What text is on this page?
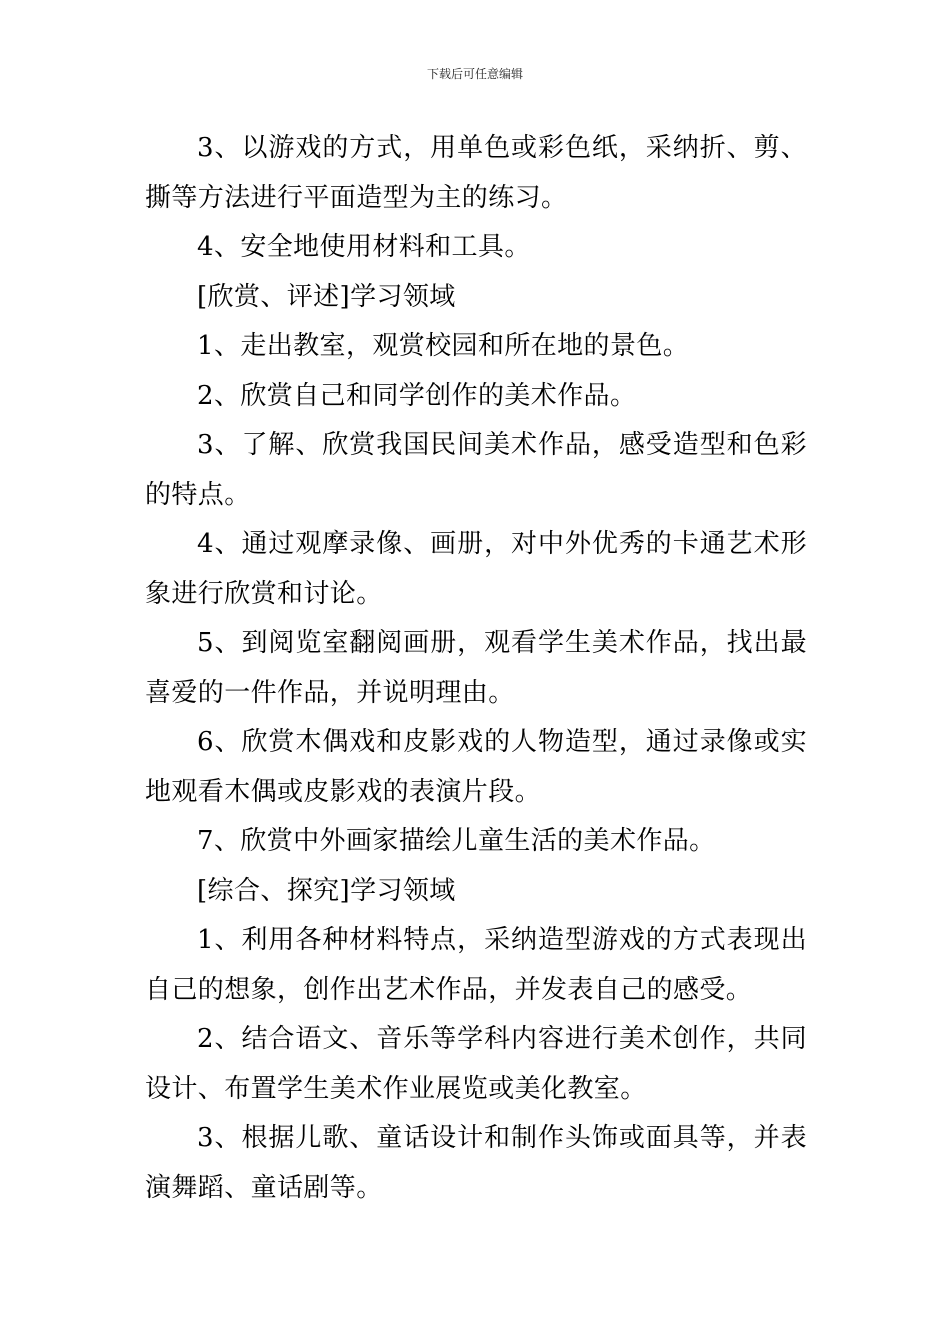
下载后可任意编辑

3、以游戏的方式，用单色或彩色纸，采纳折、剪、撕等方法进行平面造型为主的练习。

4、安全地使用材料和工具。

[欣赏、评述]学习领域

1、走出教室，观赏校园和所在地的景色。

2、欣赏自己和同学创作的美术作品。

3、了解、欣赏我国民间美术作品，感受造型和色彩的特点。

4、通过观摩录像、画册，对中外优秀的卡通艺术形象进行欣赏和讨论。

5、到阅览室翻阅画册，观看学生美术作品，找出最喜爱的一件作品，并说明理由。

6、欣赏木偶戏和皮影戏的人物造型，通过录像或实地观看木偶或皮影戏的表演片段。

7、欣赏中外画家描绘儿童生活的美术作品。

[综合、探究]学习领域

1、利用各种材料特点，采纳造型游戏的方式表现出自己的想象，创作出艺术作品，并发表自己的感受。

2、结合语文、音乐等学科内容进行美术创作，共同设计、布置学生美术作业展览或美化教室。

3、根据儿歌、童话设计和制作头饰或面具等，并表演舞蹈、童话剧等。
